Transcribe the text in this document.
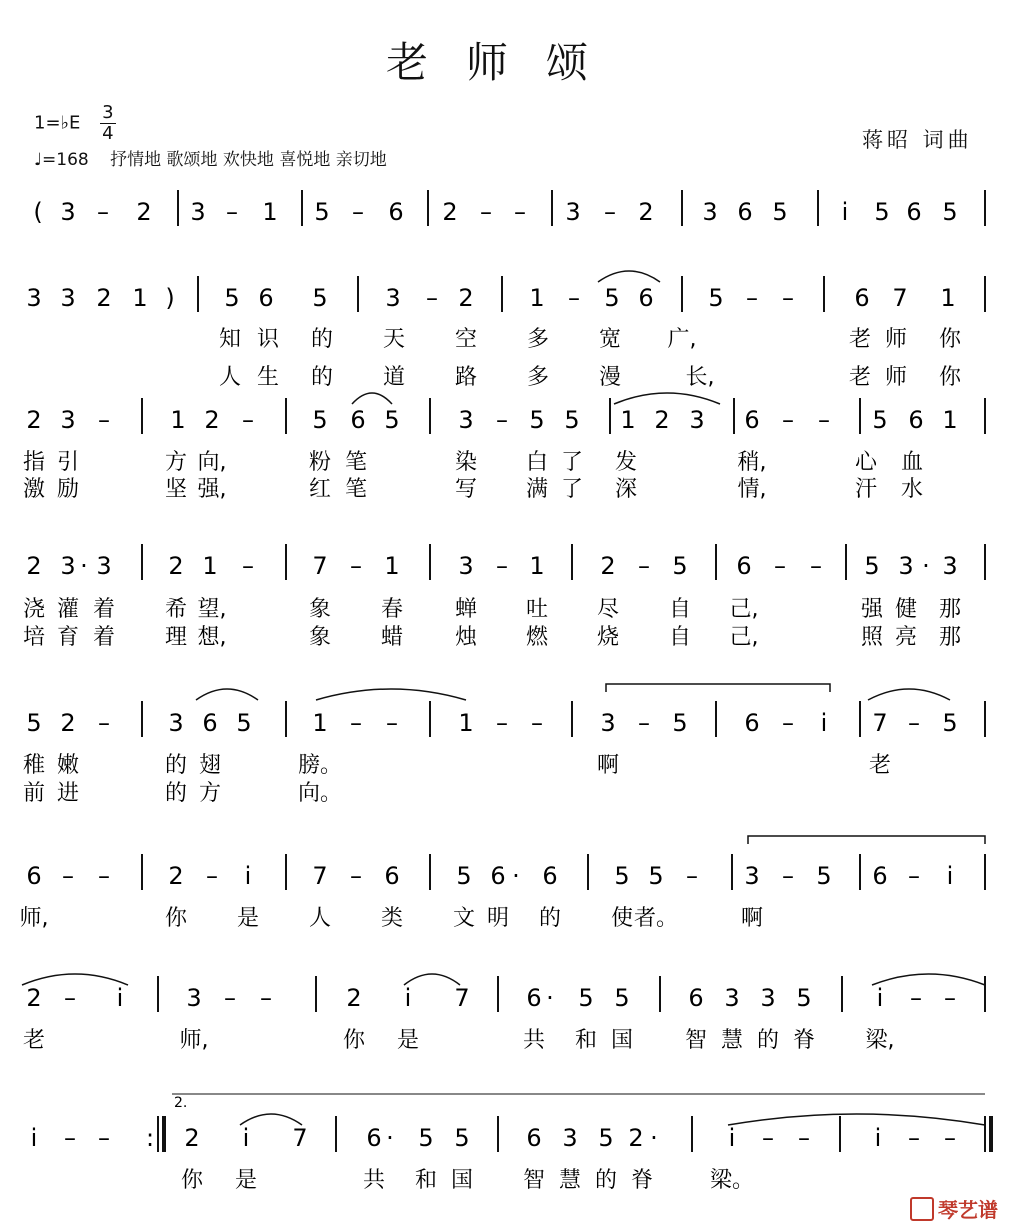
老师颂
1=♭E $\frac{3}{4}$
♩=168 抒情地 歌颂地 欢快地 喜悦地 亲切地
蒋昭 词曲
( 3 – 2 3 – 1 5 – 6 2 – – 3 – 2 3 6 5 i 5 6 5
3 3 2 1 ) 5 6 5 3 – 2 1 – 5 6 5 – –	6 7 1
2 3 –	1 2 – 5 6 5 3 – 5 5 1 2 3 6 – – 5 6 1
2 3 · 3 2 1 – 7 – 1 3 – 1 2 – 5 6 – – 5 3 · 3
5 2 – 3 6 5	1 – –	1 – – 3 – 5 6 – i 7 – 5
6 – – 2 – i	7 – 6 5 6 · 6 5 5 – 3 – 5 6 – i
2 – i	3 – –	2 i 7 6 · 5 5 6 3 3 5	i – –
i – – : 2 i 7 6 · 5 5 6 3 5 2 ·	i – –	i – –
知 识 的 天 空 多 宽 广,	老 师 你
人 生 的 道 路 多 漫	长,	老 师 你
指 引	方 向,	粉 笔	染 白 了 发	稍,	心 血
激 励	坚 强,	红 笔	写 满 了 深	情,	汗 水
浇 灌 着 希 望,	象 春 蝉 吐 尽 自 己,	强 健 那
培 育 着 理 想,	象 蜡 烛 燃 烧 自 己,	照 亮 那
稚 嫩	的 翅	膀。	啊	老
前 进	的 方	向。
师,	你 是 人 类 文 明 的 使 者。	啊
老	师,	你 是	共 和 国 智 慧 的 脊 梁,
你 是	共 和 国 智 慧 的 脊	梁。
2.
琴艺谱
